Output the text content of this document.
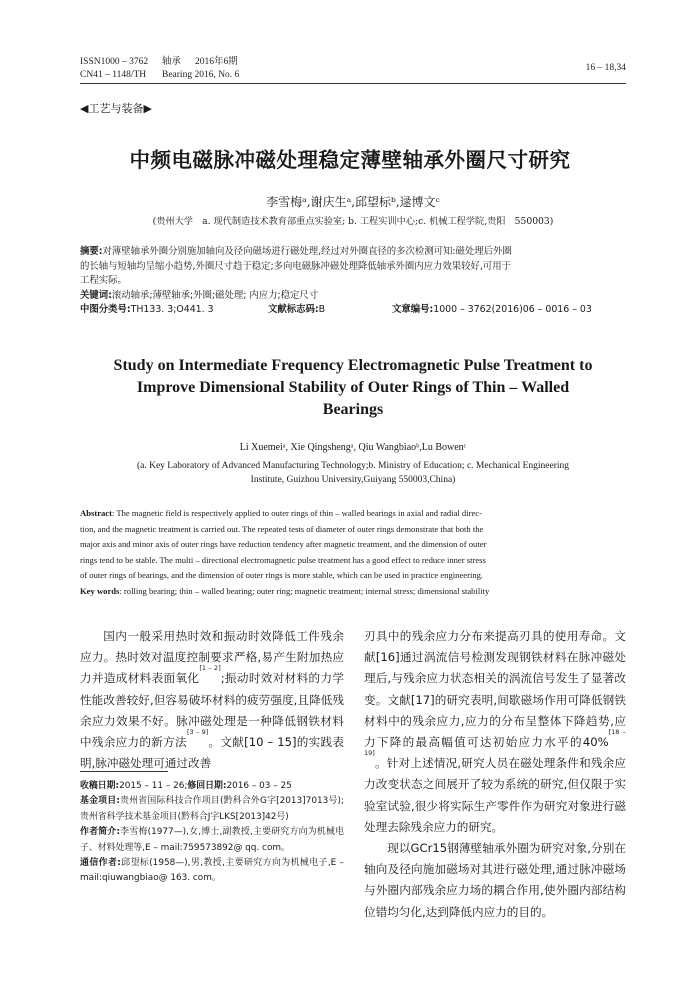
ISSN1000 – 3762 轴承 2016年6期
CN41 – 1148/TH Bearing 2016, No. 6
16 – 18,34
◀工艺与装备▶
中频电磁脉冲磁处理稳定薄壁轴承外圈尺寸研究
李雪梅ᵃ,谢庆生ᵃ,邱望标ᵇ,逯博文ᶜ
(贵州大学　a. 现代制造技术教育部重点实验室; b. 工程实训中心;c. 机械工程学院,贵阳　550003)
摘要:对薄壁轴承外圈分别施加轴向及径向磁场进行磁处理,经过对外圈直径的多次检测可知:磁处理后外圈
的长轴与短轴均呈缩小趋势,外圈尺寸趋于稳定;多向电磁脉冲磁处理降低轴承外圈内应力效果较好,可用于
工程实际。
关键词:滚动轴承;薄壁轴承;外圈;磁处理; 内应力;稳定尺寸
中图分类号:TH133. 3;O441. 3	文献标志码:B	文章编号:1000 – 3762(2016)06 – 0016 – 03
Study on Intermediate Frequency Electromagnetic Pulse Treatment to
Improve Dimensional Stability of Outer Rings of Thin – Walled
Bearings
Li Xuemeiᵃ, Xie Qingshengᵃ, Qiu Wangbiaoᵇ,Lu Bowenᶜ
(a. Key Laboratory of Advanced Manufacturing Technology;b. Ministry of Education; c. Mechanical Engineering
Institute, Guizhou University,Guiyang 550003,China)
Abstract: The magnetic field is respectively applied to outer rings of thin – walled bearings in axial and radial direc-
tion, and the magnetic treatment is carried out. The repeated tests of diameter of outer rings demonstrate that both the
major axis and minor axis of outer rings have reduction tendency after magnetic treatment, and the dimension of outer
rings tend to be stable. The multi – directional electromagnetic pulse treatment has a good effect to reduce inner stress
of outer rings of bearings, and the dimension of outer rings is more stable, which can be used in practice engineering.
Key words: rolling bearing; thin – walled bearing; outer ring; magnetic treatment; internal stress; dimensional stability

国内一般采用热时效和振动时效降低工件残余应力。热时效对温度控制要求严格,易产生附加热应力并造成材料表面氧化[1 – 2];振动时效对材料的力学性能改善较好,但容易破坏材料的疲劳强度,且降低残余应力效果不好。脉冲磁处理是一种降低钢铁材料中残余应力的新方法[3 – 9]。文献[10 – 15]的实践表明,脉冲磁处理可通过改善

收稿日期:2015 – 11 – 26;修回日期:2016 – 03 – 25
基金项目:贵州省国际科技合作项目(黔科合外G字[2013]7013号);贵州省科学技术基金项目(黔科合J字LKS[2013]42号)
作者简介:李雪梅(1977—),女,博士,副教授,主要研究方向为机械电子、材料处理等,E – mail:759573892@ qq. com。
通信作者:邱望标(1958—),男,教授,主要研究方向为机械电子,E – mail:qiuwangbiao@ 163. com。

刃具中的残余应力分布来提高刃具的使用寿命。文献[16]通过涡流信号检测发现钢铁材料在脉冲磁处理后,与残余应力状态相关的涡流信号发生了显著改变。文献[17]的研究表明,间歇磁场作用可降低钢铁材料中的残余应力,应力的分布呈整体下降趋势,应力下降的最高幅值可达初始应力水平的40%[18 – 19]。针对上述情况,研究人员在磁处理条件和残余应力改变状态之间展开了较为系统的研究,但仅限于实验室试验,很少将实际生产零件作为研究对象进行磁处理去除残余应力的研究。

现以GCr15钢薄壁轴承外圈为研究对象,分别在轴向及径向施加磁场对其进行磁处理,通过脉冲磁场与外圈内部残余应力场的耦合作用,使外圈内部结构位错均匀化,达到降低内应力的目的。
